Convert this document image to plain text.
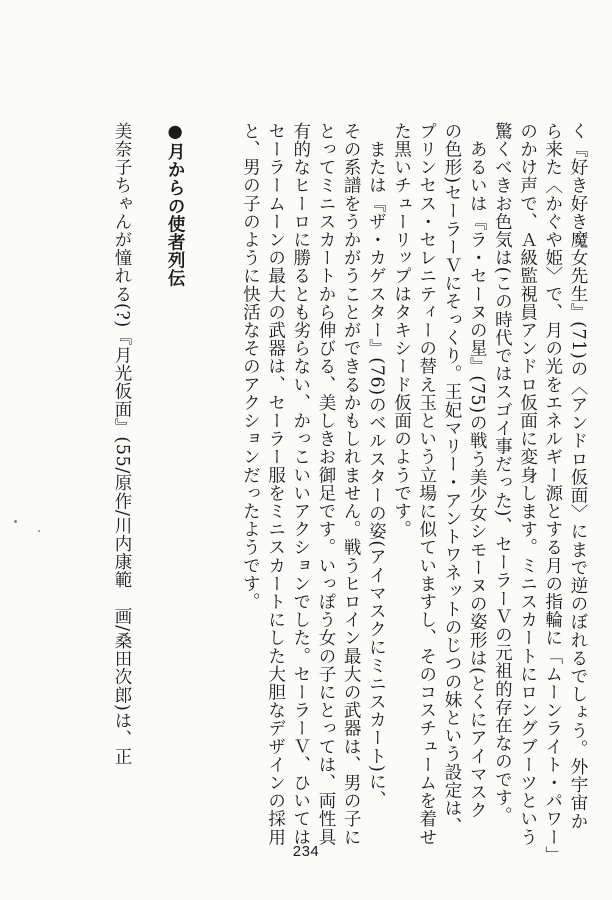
く『好き好き魔女先生』(71)の〈アンドロ仮面〉にまで逆のぼれるでしょう。外宇宙か
ら来た〈かぐや姫〉で、月の光をエネルギー源とする月の指輪に「ムーンライト・パワー」
のかけ声で、Ａ級監視員アンドロ仮面に変身します。ミニスカートにロングブーツという
驚くべきお色気は(この時代ではスゴイ事だった)、セーラーＶの元祖的存在なのです。
　あるいは『ラ・セーヌの星』(75)の戦う美少女シモーヌの姿形は(とくにアイマスク
の色形)セーラーＶにそっくり。王妃マリー・アントワネットのじつの妹という設定は、
プリンセス・セレニティーの替え玉という立場に似ていますし、そのコスチュームを着せ
た黒いチューリップはタキシード仮面のようです。
　または『ザ・カゲスター』(76)のベルスターの姿(アイマスクにミニスカート)に、
その系譜をうかがうことができるかもしれません。戦うヒロイン最大の武器は、男の子に
とってミニスカートから伸びる、美しきお御足です。いっぽう女の子にとっては、両性具
有的なヒーロに勝るとも劣らない、かっこいいアクションでした。セーラーＶ、ひいては
セーラームーンの最大の武器は、セーラー服をミニスカートにした大胆なデザインの採用
と、男の子のように快活なそのアクションだったようです。
●月からの使者列伝
美奈子ちゃんが憧れる(?)『月光仮面』(55/原作/川内康範　画/桑田次郎)は、正
234
